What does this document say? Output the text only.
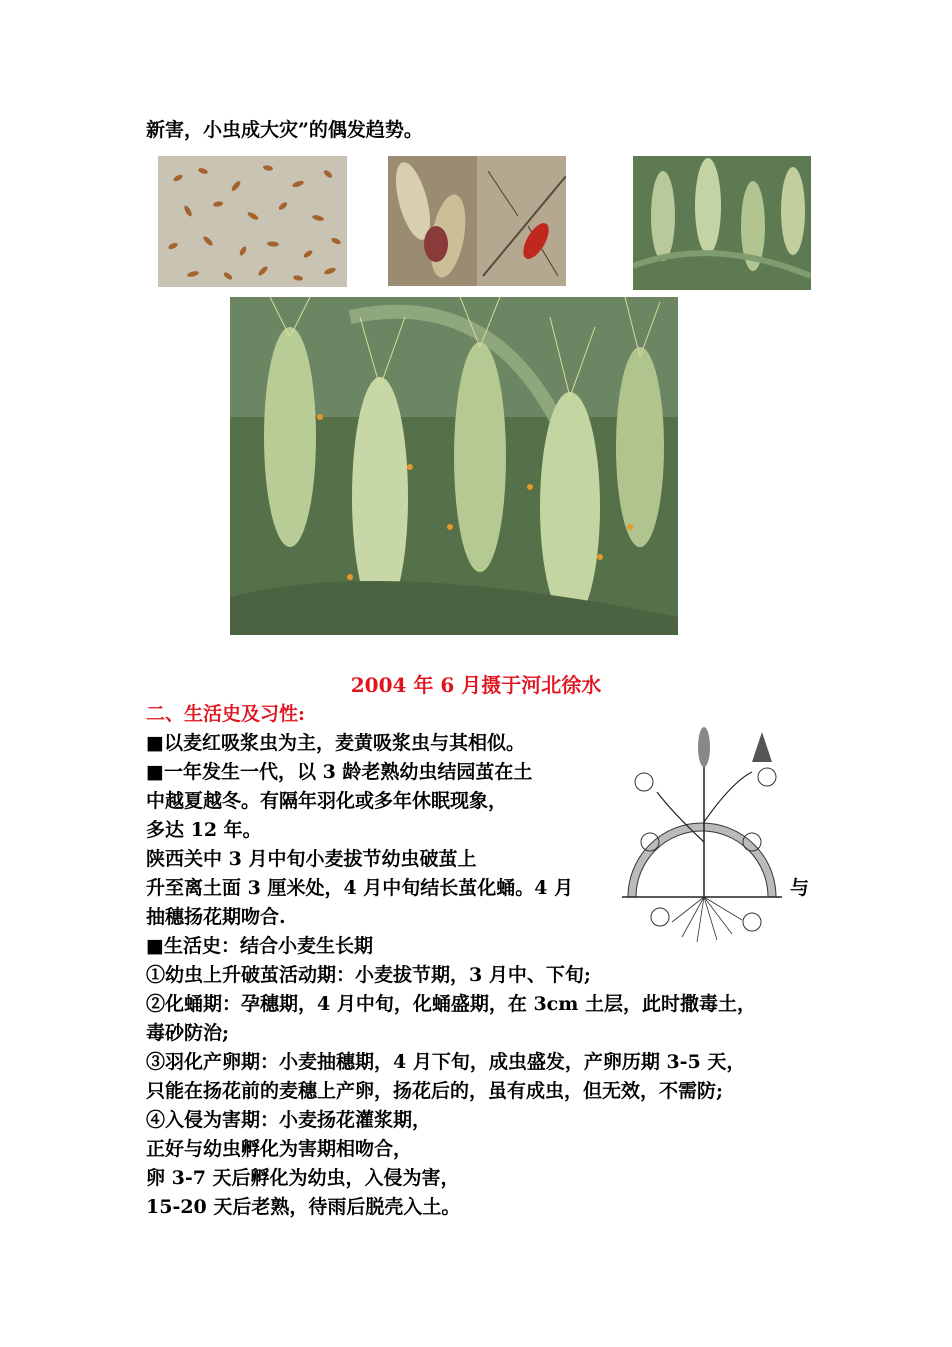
新害，小虫成大灾”的偶发趋势。
2004 年 6 月摄于河北徐水
二、生活史及习性:
■以麦红吸浆虫为主，麦黄吸浆虫与其相似。
■一年发生一代，以 3 龄老熟幼虫结园茧在土
中越夏越冬。有隔年羽化或多年休眠现象，
多达 12 年。
陕西关中 3 月中旬小麦拔节幼虫破茧上
升至离土面 3 厘米处，4 月中旬结长茧化蛹。4 月	与
抽穗扬花期吻合.
■生活史：结合小麦生长期
①幼虫上升破茧活动期：小麦拔节期，3 月中、下旬;
②化蛹期：孕穗期，4 月中旬，化蛹盛期，在 3cm 土层，此时撒毒土，
毒砂防治;
③羽化产卵期：小麦抽穗期，4 月下旬，成虫盛发，产卵历期 3-5 天，
只能在扬花前的麦穗上产卵，扬花后的，虽有成虫，但无效，不需防;
④入侵为害期：小麦扬花灌浆期，
正好与幼虫孵化为害期相吻合，
卵 3-7 天后孵化为幼虫，入侵为害，
15-20 天后老熟，待雨后脱壳入土。
